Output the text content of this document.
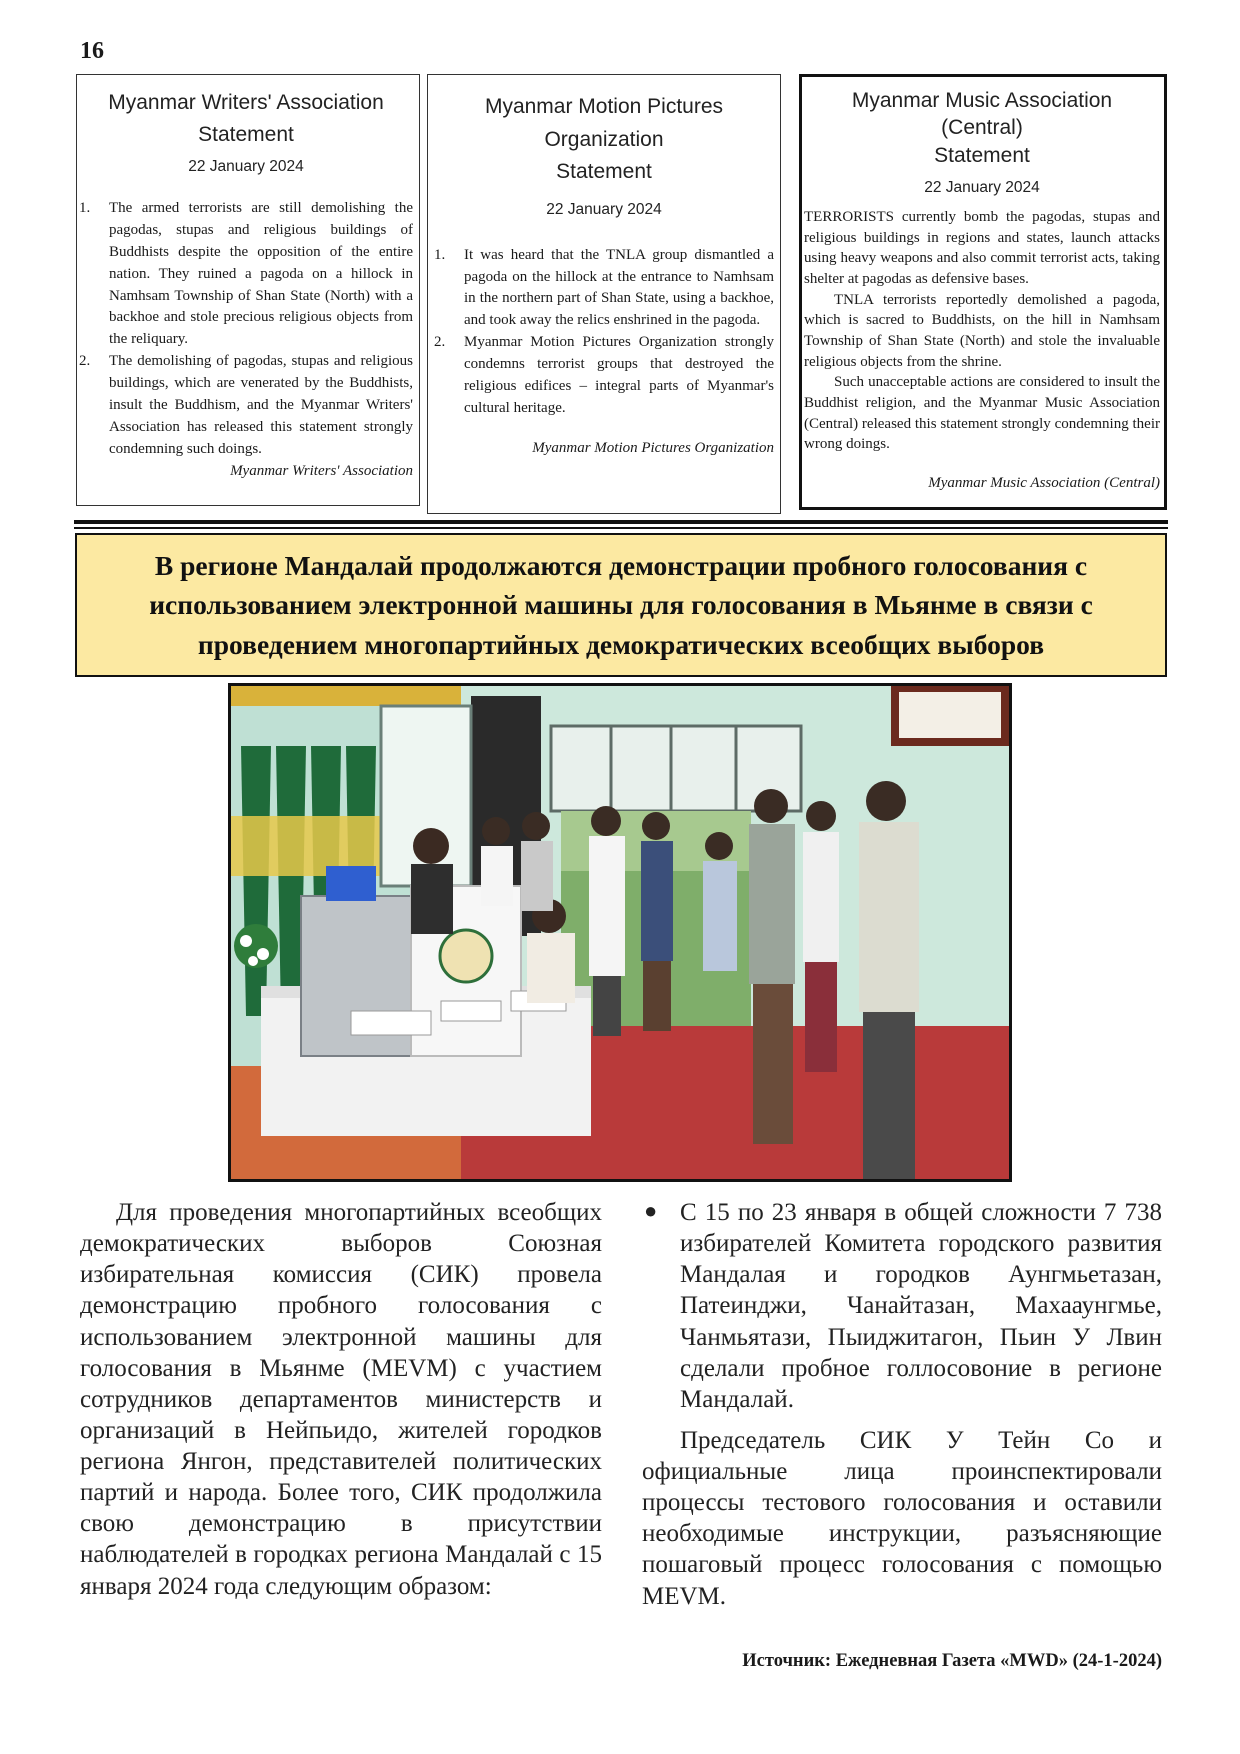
16
Myanmar Writers' Association
Statement
22 January 2024
1. The armed terrorists are still demolishing the pagodas, stupas and religious buildings of Buddhists despite the opposition of the entire nation. They ruined a pagoda on a hillock in Namhsam Township of Shan State (North) with a backhoe and stole precious religious objects from the reliquary.
2. The demolishing of pagodas, stupas and religious buildings, which are venerated by the Buddhists, insult the Buddhism, and the Myanmar Writers' Association has released this statement strongly condemning such doings.
Myanmar Writers' Association
Myanmar Motion Pictures Organization
Statement
22 January 2024
1. It was heard that the TNLA group dismantled a pagoda on the hillock at the entrance to Namhsam in the northern part of Shan State, using a backhoe, and took away the relics enshrined in the pagoda.
2. Myanmar Motion Pictures Organization strongly condemns terrorist groups that destroyed the religious edifices – integral parts of Myanmar's cultural heritage.
Myanmar Motion Pictures Organization
Myanmar Music Association
(Central)
Statement
22 January 2024

TERRORISTS currently bomb the pagodas, stupas and religious buildings in regions and states, launch attacks using heavy weapons and also commit terrorist acts, taking shelter at pagodas as defensive bases.

TNLA terrorists reportedly demolished a pagoda, which is sacred to Buddhists, on the hill in Namhsam Township of Shan State (North) and stole the invaluable religious objects from the shrine.

Such unacceptable actions are considered to insult the Buddhist religion, and the Myanmar Music Association (Central) released this statement strongly condemning their wrong doings.

Myanmar Music Association (Central)
В регионе Мандалай продолжаются демонстрации пробного голосования с использованием электронной машины для голосования в Мьянме в связи с проведением многопартийных демократических всеобщих выборов

Для проведения многопартийных всеобщих демократических выборов Союзная избирательная комиссия (СИК) провела демонстрацию пробного голосования с использованием электронной машины для голосования в Мьянме (MEVM) с участием сотрудников департаментов министерств и организаций в Нейпьидо, жителей городков региона Янгон, представителей политических партий и народа. Более того, СИК продолжила свою демонстрацию в присутствии наблюдателей в городках региона Мандалай с 15 января 2024 года следующим образом:

● С 15 по 23 января в общей сложности 7 738 избирателей Комитета городского развития Мандалая и городков Аунгмьетазан, Патеинджи, Чанайтазан, Махааунгмье, Чанмьятази, Пыиджитагон, Пьин У Лвин сделали пробное голлосовоние в регионе Мандалай.

Председатель СИК У Тейн Со и официальные лица проинспектировали процессы тестового голосования и оставили необходимые инструкции, разъясняющие пошаговый процесс голосования с помощью MEVM.

Источник: Ежедневная Газета «MWD» (24-1-2024)
